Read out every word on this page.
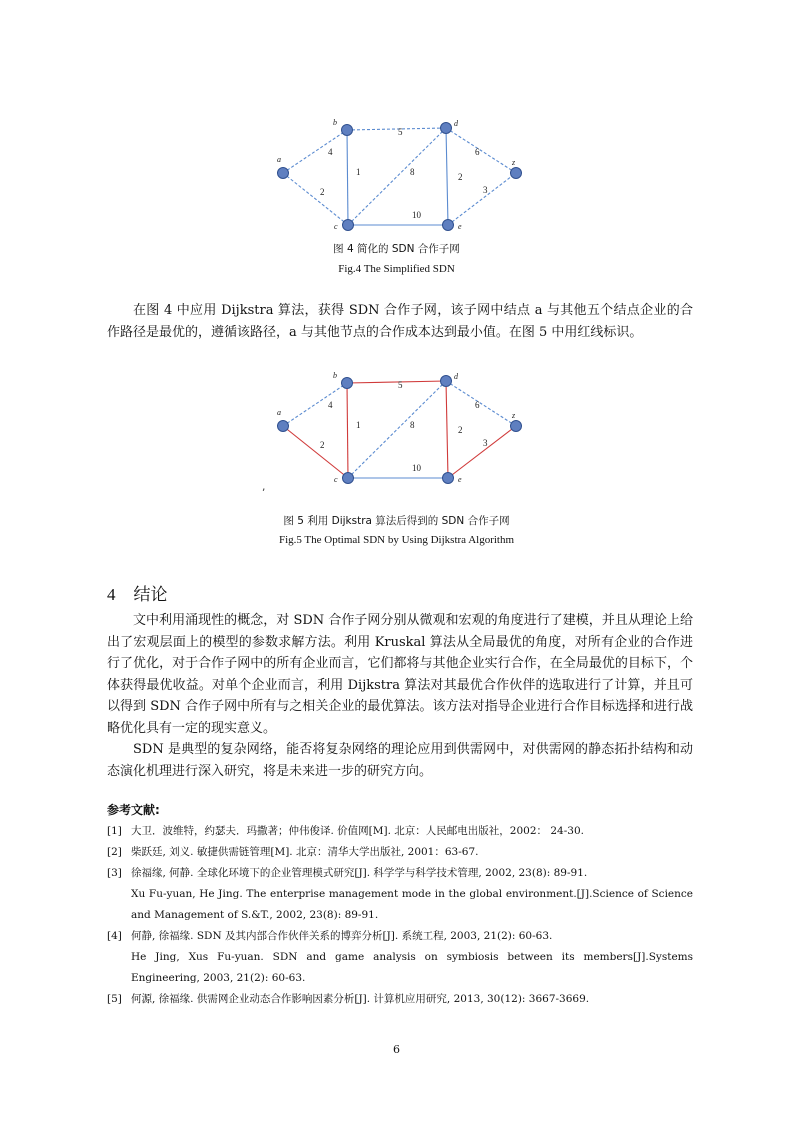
4
2
1	8
10
2
6
3
5
a
b
c
d
e
z
图 4 简化的 SDN 合作子网
Fig.4 The Simplified SDN

在图 4 中应用 Dijkstra 算法，获得 SDN 合作子网，该子网中结点 a 与其他五个结点企业的合作路径是最优的，遵循该路径，a 与其他节点的合作成本达到最小值。在图 5 中用红线标识。

4
2
1	8
10
2
6
3
5
a
b
c
d
e
z
’
图 5 利用 Dijkstra 算法后得到的 SDN 合作子网
Fig.5 The Optimal SDN by Using Dijkstra Algorithm
4 结论

文中利用涌现性的概念，对 SDN 合作子网分别从微观和宏观的角度进行了建模，并且从理论上给出了宏观层面上的模型的参数求解方法。利用 Kruskal 算法从全局最优的角度，对所有企业的合作进行了优化，对于合作子网中的所有企业而言，它们都将与其他企业实行合作，在全局最优的目标下，个体获得最优收益。对单个企业而言，利用 Dijkstra 算法对其最优合作伙伴的选取进行了计算，并且可以得到 SDN 合作子网中所有与之相关企业的最优算法。该方法对指导企业进行合作目标选择和进行战略优化具有一定的现实意义。

SDN 是典型的复杂网络，能否将复杂网络的理论应用到供需网中，对供需网的静态拓扑结构和动态演化机理进行深入研究，将是未来进一步的研究方向。

参考文献:
[1] 大卫．波维特，约瑟夫．玛撒著；仲伟俊译. 价值网[M]. 北京：人民邮电出版社，2002： 24-30.
[2] 柴跃廷, 刘义. 敏捷供需链管理[M]. 北京：清华大学出版社, 2001：63-67.
[3] 徐福缘, 何静. 全球化环境下的企业管理模式研究[J]. 科学学与科学技术管理, 2002, 23(8): 89-91.
Xu Fu-yuan, He Jing. The enterprise management mode in the global environment.[J].Science of Science and Management of S.&T., 2002, 23(8): 89-91.
[4] 何静, 徐福缘. SDN 及其内部合作伙伴关系的博弈分析[J]. 系统工程, 2003, 21(2): 60-63.
He Jing, Xus Fu-yuan. SDN and game analysis on symbiosis between its members[J].Systems Engineering, 2003, 21(2): 60-63.
[5] 何源, 徐福缘. 供需网企业动态合作影响因素分析[J]. 计算机应用研究, 2013, 30(12): 3667-3669.
6
